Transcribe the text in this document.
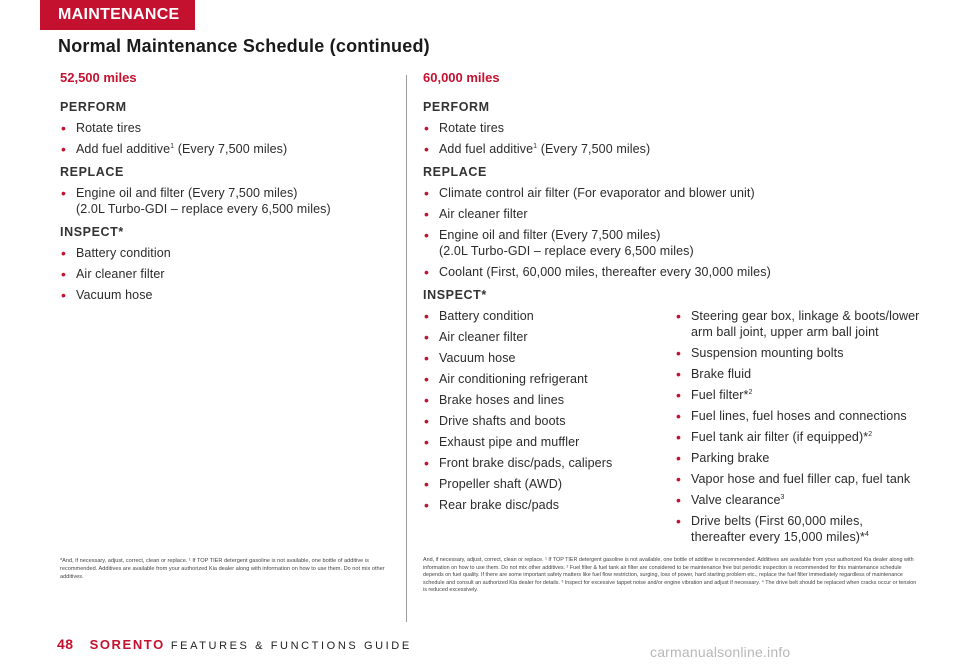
MAINTENANCE
Normal Maintenance Schedule (continued)
52,500 miles
PERFORM
• Rotate tires
• Add fuel additive$^1$ (Every 7,500 miles)
REPLACE
• Engine oil and filter (Every 7,500 miles)
(2.0L Turbo-GDI – replace every 6,500 miles)
INSPECT*
• Battery condition
• Air cleaner filter
• Vacuum hose
60,000 miles
PERFORM
• Rotate tires
• Add fuel additive$^1$ (Every 7,500 miles)
REPLACE
• Climate control air filter (For evaporator and blower unit)
• Air cleaner filter
• Engine oil and filter (Every 7,500 miles)
(2.0L Turbo-GDI – replace every 6,500 miles)
• Coolant (First, 60,000 miles, thereafter every 30,000 miles)
INSPECT*
• Battery condition
• Air cleaner filter
• Vacuum hose
• Air conditioning refrigerant
• Brake hoses and lines
• Drive shafts and boots
• Exhaust pipe and muffler
• Front brake disc/pads, calipers
• Propeller shaft (AWD)
• Rear brake disc/pads
• Steering gear box, linkage & boots/lower
arm ball joint, upper arm ball joint
• Suspension mounting bolts
• Brake fluid
• Fuel filter*$^2$
• Fuel lines, fuel hoses and connections
• Fuel tank air filter (if equipped)*$^2$
• Parking brake
• Vapor hose and fuel filler cap, fuel tank
• Valve clearance$^3$
• Drive belts (First 60,000 miles,
thereafter every 15,000 miles)*$^4$
*And, if necessary, adjust, correct, clean or replace. ¹ If TOP TIER detergent gasoline is not available, one bottle of additive is recommended. Additives are available from your authorized Kia dealer along with information on how to use them. Do not mix other additives.
And, if necessary, adjust, correct, clean or replace. ¹ If TOP TIER detergent gasoline is not available, one bottle of additive is recommended. Additives are available from your authorized Kia dealer along with information on how to use them. Do not mix other additives. ² Fuel filter & fuel tank air filter are considered to be maintenance free but periodic inspection is recommended for this maintenance schedule depends on fuel quality. If there are some important safety matters like fuel flow restriction, surging, loss of power, hard starting problem etc., replace the fuel filter immediately regardless of maintenance schedule and consult an authorized Kia dealer for details. ³ Inspect for excessive tappet noise and/or engine vibration and adjust if necessary. ⁴ The drive belt should be replaced when cracks occur or tension is reduced excessively.
48 SORENTO FEATURES & FUNCTIONS GUIDE	carmanualsonline.info
